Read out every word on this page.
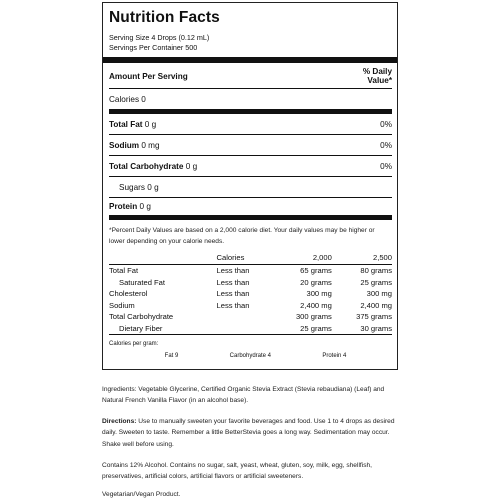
Nutrition Facts
Serving Size 4 Drops (0.12 mL)
Servings Per Container 500
Amount Per Serving	% Daily
Value*
Calories 0
Total Fat 0 g	0%
Sodium 0 mg	0%
Total Carbohydrate 0 g	0%
Sugars 0 g
Protein 0 g
*Percent Daily Values are based on a 2,000 calorie diet. Your daily values may be higher or lower depending on your calorie needs.
	Calories	2,000	2,500
Total Fat	Less than	65 grams	80 grams
Saturated Fat	Less than	20 grams	25 grams
Cholesterol	Less than	300 mg	300 mg
Sodium	Less than	2,400 mg	2,400 mg
Total Carbohydrate		300 grams	375 grams
Dietary Fiber		25 grams	30 grams
Calories per gram:
Fat 9	Carbohydrate 4	Protein 4
Ingredients: Vegetable Glycerine, Certified Organic Stevia Extract (Stevia rebaudiana) (Leaf) and Natural French Vanilla Flavor (in an alcohol base).
Directions: Use to manually sweeten your favorite beverages and food. Use 1 to 4 drops as desired daily. Sweeten to taste. Remember a little BetterStevia goes a long way. Sedimentation may occur. Shake well before using.
Contains 12% Alcohol. Contains no sugar, salt, yeast, wheat, gluten, soy, milk, egg, shellfish, preservatives, artificial colors, artificial flavors or artificial sweeteners.
Vegetarian/Vegan Product.
